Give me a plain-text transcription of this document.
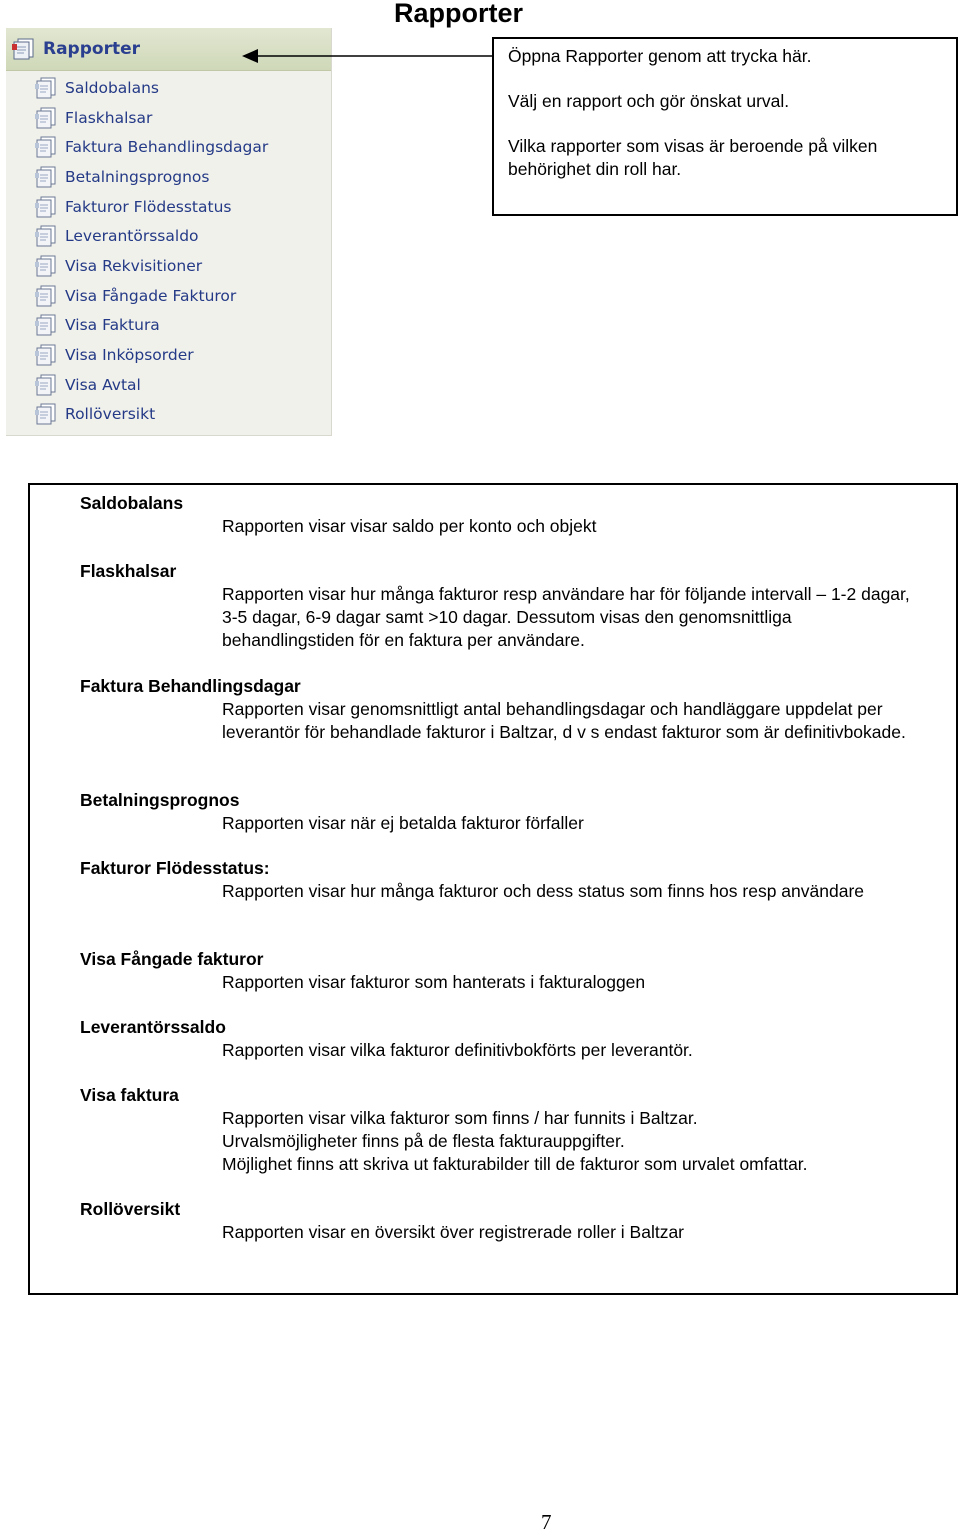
Rapporter
Rapporter
Saldobalans
Flaskhalsar
Faktura Behandlingsdagar
Betalningsprognos
Fakturor Flödesstatus
Leverantörssaldo
Visa Rekvisitioner
Visa Fångade Fakturor
Visa Faktura
Visa Inköpsorder
Visa Avtal
Rollöversikt

Öppna Rapporter genom att trycka här.

Välj en rapport och gör önskat urval.

Vilka rapporter som visas är beroende på vilken behörighet din roll har.

Saldobalans
Rapporten visar visar saldo per konto och objekt
Flaskhalsar
Rapporten visar hur många fakturor resp användare har för följande intervall – 1-2 dagar, 3-5 dagar, 6-9 dagar samt >10 dagar. Dessutom visas den genomsnittliga behandlingstiden för en faktura per användare.
Faktura Behandlingsdagar
Rapporten visar genomsnittligt antal behandlingsdagar och handläggare uppdelat per leverantör för behandlade fakturor i Baltzar, d v s endast fakturor som är definitivbokade.
Betalningsprognos
Rapporten visar när ej betalda fakturor förfaller
Fakturor Flödesstatus:
Rapporten visar hur många fakturor och dess status som finns hos resp användare
Visa Fångade fakturor
Rapporten visar fakturor som hanterats i fakturaloggen
Leverantörssaldo
Rapporten visar vilka fakturor definitivbokförts per leverantör.
Visa faktura
Rapporten visar vilka fakturor som finns / har funnits i Baltzar.
Urvalsmöjligheter finns på de flesta fakturauppgifter.
Möjlighet finns att skriva ut fakturabilder till de fakturor som urvalet omfattar.
Rollöversikt
Rapporten visar en översikt över registrerade roller i Baltzar
7
